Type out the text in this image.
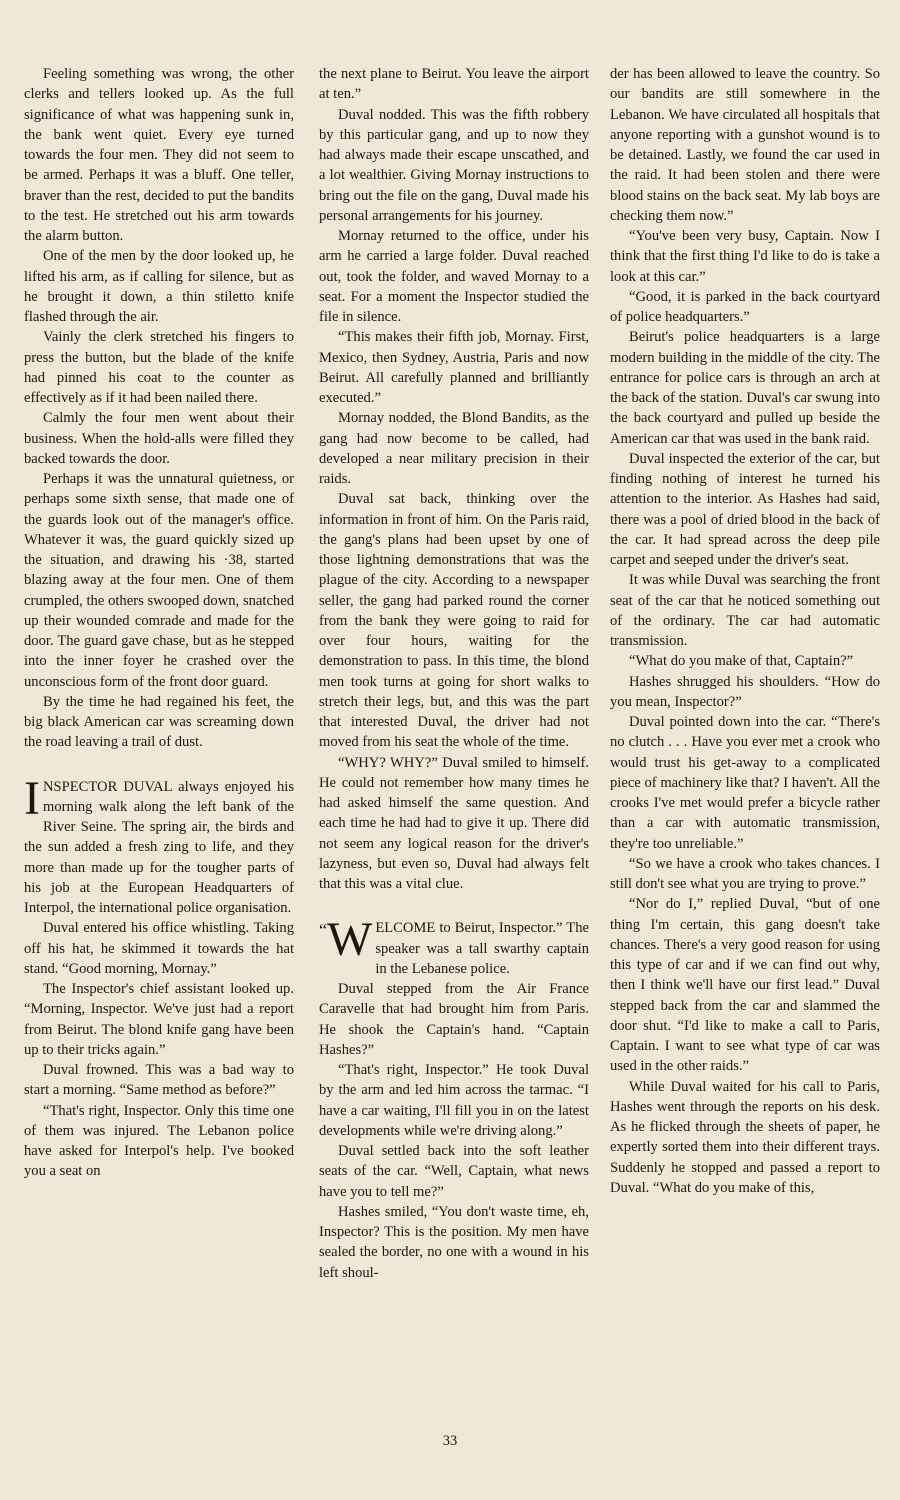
Feeling something was wrong, the other clerks and tellers looked up. As the full significance of what was happening sunk in, the bank went quiet. Every eye turned towards the four men. They did not seem to be armed. Perhaps it was a bluff. One teller, braver than the rest, decided to put the bandits to the test. He stretched out his arm towards the alarm button.

One of the men by the door looked up, he lifted his arm, as if calling for silence, but as he brought it down, a thin stiletto knife flashed through the air.

Vainly the clerk stretched his fingers to press the button, but the blade of the knife had pinned his coat to the counter as effectively as if it had been nailed there.

Calmly the four men went about their business. When the hold-alls were filled they backed towards the door.

Perhaps it was the unnatural quietness, or perhaps some sixth sense, that made one of the guards look out of the manager's office. Whatever it was, the guard quickly sized up the situation, and drawing his ·38, started blazing away at the four men. One of them crumpled, the others swooped down, snatched up their wounded comrade and made for the door. The guard gave chase, but as he stepped into the inner foyer he crashed over the unconscious form of the front door guard.

By the time he had regained his feet, the big black American car was screaming down the road leaving a trail of dust.

INSPECTOR DUVAL always enjoyed his morning walk along the left bank of the River Seine. The spring air, the birds and the sun added a fresh zing to life, and they more than made up for the tougher parts of his job at the European Headquarters of Interpol, the international police organisation.

Duval entered his office whistling. Taking off his hat, he skimmed it towards the hat stand. “Good morning, Mornay.”

The Inspector's chief assistant looked up. “Morning, Inspector. We've just had a report from Beirut. The blond knife gang have been up to their tricks again.”

Duval frowned. This was a bad way to start a morning. “Same method as before?”

“That's right, Inspector. Only this time one of them was injured. The Lebanon police have asked for Interpol's help. I've booked you a seat on

the next plane to Beirut. You leave the airport at ten.”

Duval nodded. This was the fifth robbery by this particular gang, and up to now they had always made their escape unscathed, and a lot wealthier. Giving Mornay instructions to bring out the file on the gang, Duval made his personal arrangements for his journey.

Mornay returned to the office, under his arm he carried a large folder. Duval reached out, took the folder, and waved Mornay to a seat. For a moment the Inspector studied the file in silence.

“This makes their fifth job, Mornay. First, Mexico, then Sydney, Austria, Paris and now Beirut. All carefully planned and brilliantly executed.”

Mornay nodded, the Blond Bandits, as the gang had now become to be called, had developed a near military precision in their raids.

Duval sat back, thinking over the information in front of him. On the Paris raid, the gang's plans had been upset by one of those lightning demonstrations that was the plague of the city. According to a newspaper seller, the gang had parked round the corner from the bank they were going to raid for over four hours, waiting for the demonstration to pass. In this time, the blond men took turns at going for short walks to stretch their legs, but, and this was the part that interested Duval, the driver had not moved from his seat the whole of the time.

“WHY? WHY?” Duval smiled to himself. He could not remember how many times he had asked himself the same question. And each time he had had to give it up. There did not seem any logical reason for the driver's lazyness, but even so, Duval had always felt that this was a vital clue.

“W ELCOME to Beirut, Inspector.” The speaker was a tall swarthy captain in the Lebanese police.

Duval stepped from the Air France Caravelle that had brought him from Paris. He shook the Captain's hand. “Captain Hashes?”

“That's right, Inspector.” He took Duval by the arm and led him across the tarmac. “I have a car waiting, I'll fill you in on the latest developments while we're driving along.”

Duval settled back into the soft leather seats of the car. “Well, Captain, what news have you to tell me?”

Hashes smiled, “You don't waste time, eh, Inspector? This is the position. My men have sealed the border, no one with a wound in his left shoul-

der has been allowed to leave the country. So our bandits are still somewhere in the Lebanon. We have circulated all hospitals that anyone reporting with a gunshot wound is to be detained. Lastly, we found the car used in the raid. It had been stolen and there were blood stains on the back seat. My lab boys are checking them now.”

“You've been very busy, Captain. Now I think that the first thing I'd like to do is take a look at this car.”

“Good, it is parked in the back courtyard of police headquarters.”

Beirut's police headquarters is a large modern building in the middle of the city. The entrance for police cars is through an arch at the back of the station. Duval's car swung into the back courtyard and pulled up beside the American car that was used in the bank raid.

Duval inspected the exterior of the car, but finding nothing of interest he turned his attention to the interior. As Hashes had said, there was a pool of dried blood in the back of the car. It had spread across the deep pile carpet and seeped under the driver's seat.

It was while Duval was searching the front seat of the car that he noticed something out of the ordinary. The car had automatic transmission.

“What do you make of that, Captain?”

Hashes shrugged his shoulders. “How do you mean, Inspector?”

Duval pointed down into the car. “There's no clutch . . . Have you ever met a crook who would trust his get-away to a complicated piece of machinery like that? I haven't. All the crooks I've met would prefer a bicycle rather than a car with automatic transmission, they're too unreliable.”

“So we have a crook who takes chances. I still don't see what you are trying to prove.”

“Nor do I,” replied Duval, “but of one thing I'm certain, this gang doesn't take chances. There's a very good reason for using this type of car and if we can find out why, then I think we'll have our first lead.” Duval stepped back from the car and slammed the door shut. “I'd like to make a call to Paris, Captain. I want to see what type of car was used in the other raids.”

While Duval waited for his call to Paris, Hashes went through the reports on his desk. As he flicked through the sheets of paper, he expertly sorted them into their different trays. Suddenly he stopped and passed a report to Duval. “What do you make of this,

33
